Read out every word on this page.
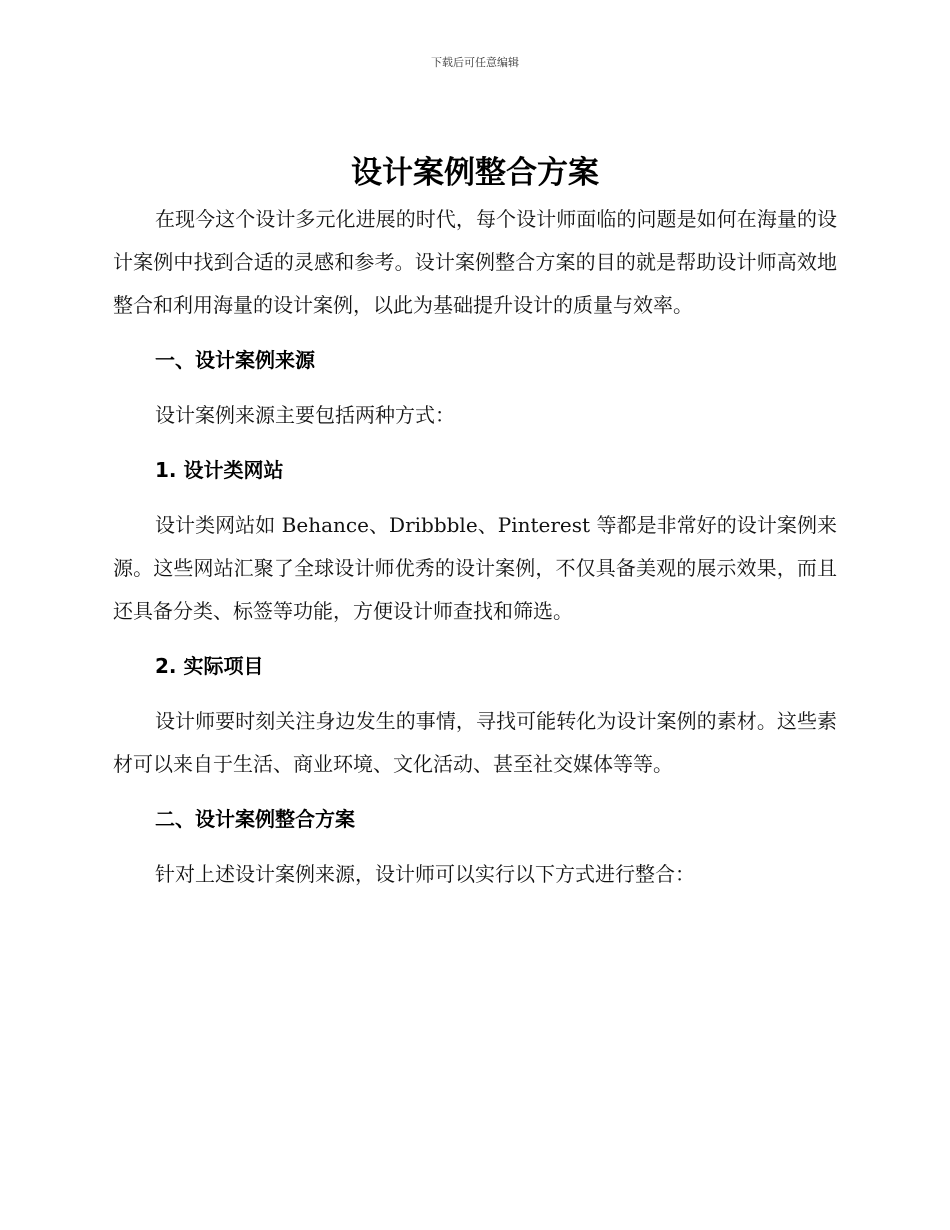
下载后可任意编辑
设计案例整合方案

在现今这个设计多元化进展的时代，每个设计师面临的问题是如何在海量的设计案例中找到合适的灵感和参考。设计案例整合方案的目的就是帮助设计师高效地整合和利用海量的设计案例，以此为基础提升设计的质量与效率。

一、设计案例来源

设计案例来源主要包括两种方式：

1. 设计类网站

设计类网站如 Behance、Dribbble、Pinterest 等都是非常好的设计案例来源。这些网站汇聚了全球设计师优秀的设计案例，不仅具备美观的展示效果，而且还具备分类、标签等功能，方便设计师查找和筛选。

2. 实际项目

设计师要时刻关注身边发生的事情，寻找可能转化为设计案例的素材。这些素材可以来自于生活、商业环境、文化活动、甚至社交媒体等等。

二、设计案例整合方案

针对上述设计案例来源，设计师可以实行以下方式进行整合：
